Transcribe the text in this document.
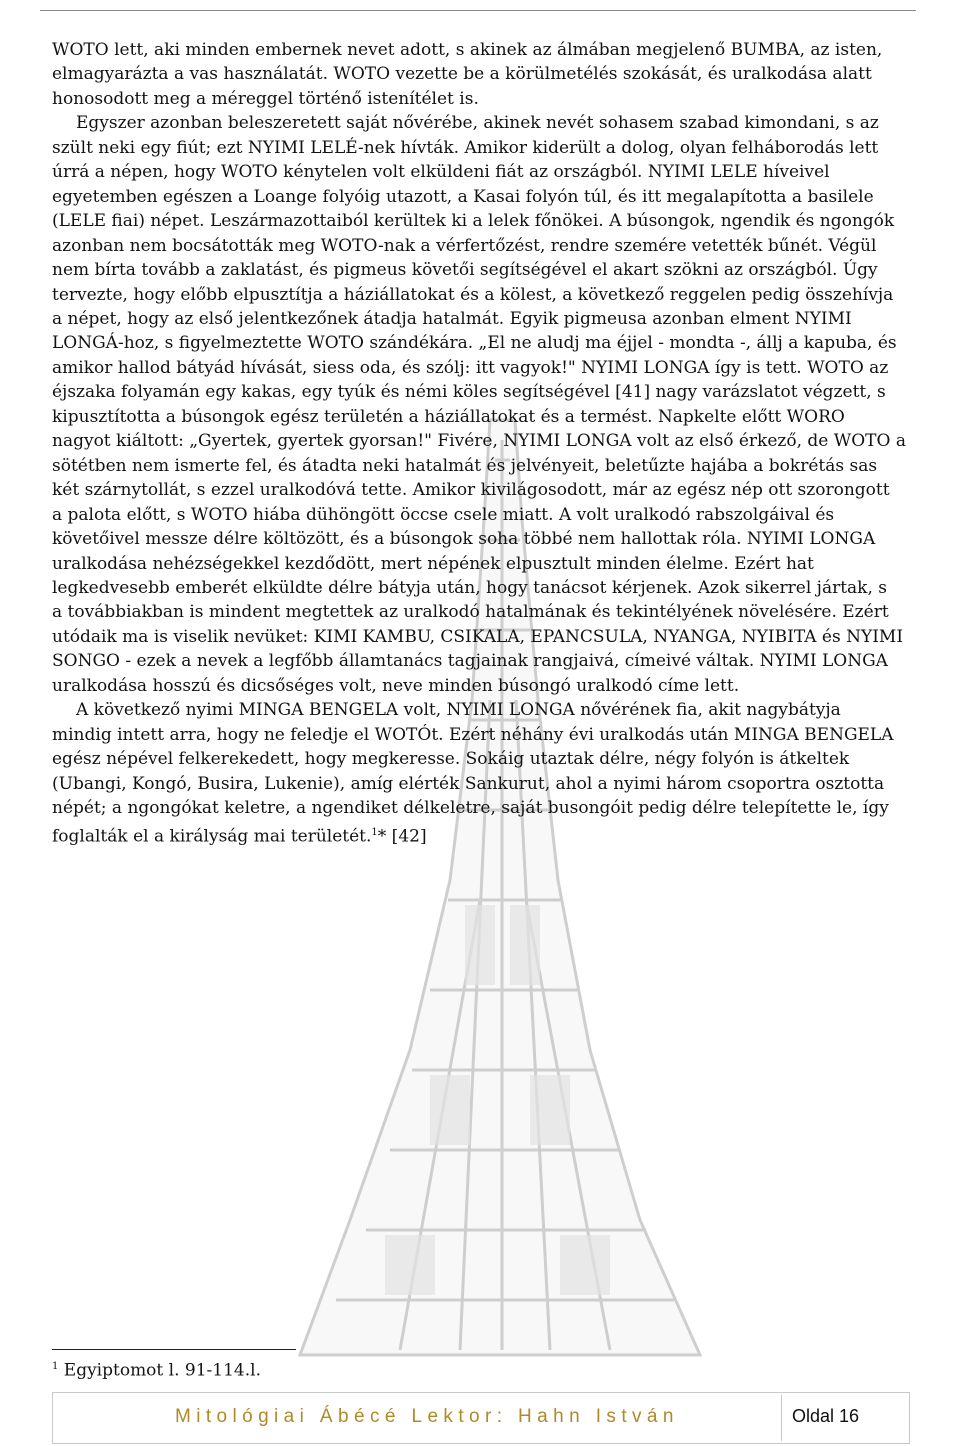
WOTO lett, aki minden embernek nevet adott, s akinek az álmában megjelenő BUMBA, az isten,

elmagyarázta a vas használatát. WOTO vezette be a körülmetélés szokását, és uralkodása alatt

honosodott meg a méreggel történő istenítélet is.

Egyszer azonban beleszeretett saját nővérébe, akinek nevét sohasem szabad kimondani, s az

szült neki egy fiút; ezt NYIMI LELÉ-nek hívták. Amikor kiderült a dolog, olyan felháborodás lett

úrrá a népen, hogy WOTO kénytelen volt elküldeni fiát az országból. NYIMI LELE híveivel

egyetemben egészen a Loange folyóig utazott, a Kasai folyón túl, és itt megalapította a basilele

(LELE fiai) népet. Leszármazottaiból kerültek ki a lelek főnökei. A búsongok, ngendik és ngongók

azonban nem bocsátották meg WOTO-nak a vérfertőzést, rendre szemére vetették bűnét. Végül

nem bírta tovább a zaklatást, és pigmeus követői segítségével el akart szökni az országból. Úgy

tervezte, hogy előbb elpusztítja a háziállatokat és a kölest, a következő reggelen pedig összehívja

a népet, hogy az első jelentkezőnek átadja hatalmát. Egyik pigmeusa azonban elment NYIMI

LONGÁ-hoz, s figyelmeztette WOTO szándékára. „El ne aludj ma éjjel - mondta -, állj a kapuba, és

amikor hallod bátyád hívását, siess oda, és szólj: itt vagyok!" NYIMI LONGA így is tett. WOTO az

éjszaka folyamán egy kakas, egy tyúk és némi köles segítségével [41] nagy varázslatot végzett, s

kipusztította a búsongok egész területén a háziállatokat és a termést. Napkelte előtt WORO

nagyot kiáltott: „Gyertek, gyertek gyorsan!" Fivére, NYIMI LONGA volt az első érkező, de WOTO a

sötétben nem ismerte fel, és átadta neki hatalmát és jelvényeit, beletűzte hajába a bokrétás sas

két szárnytollát, s ezzel uralkodóvá tette. Amikor kivilágosodott, már az egész nép ott szorongott

a palota előtt, s WOTO hiába dühöngött öccse csele miatt. A volt uralkodó rabszolgáival és

követőivel messze délre költözött, és a búsongok soha többé nem hallottak róla. NYIMI LONGA

uralkodása nehézségekkel kezdődött, mert népének elpusztult minden élelme. Ezért hat

legkedvesebb emberét elküldte délre bátyja után, hogy tanácsot kérjenek. Azok sikerrel jártak, s

a továbbiakban is mindent megtettek az uralkodó hatalmának és tekintélyének növelésére. Ezért

utódaik ma is viselik nevüket: KIMI KAMBU, CSIKALA, EPANCSULA, NYANGA, NYIBITA és NYIMI

SONGO - ezek a nevek a legfőbb államtanács tagjainak rangjaivá, címeivé váltak. NYIMI LONGA

uralkodása hosszú és dicsőséges volt, neve minden búsongó uralkodó címe lett.

A következő nyimi MINGA BENGELA volt, NYIMI LONGA nővérének fia, akit nagybátyja

mindig intett arra, hogy ne feledje el WOTÓt. Ezért néhány évi uralkodás után MINGA BENGELA

egész népével felkerekedett, hogy megkeresse. Sokáig utaztak délre, négy folyón is átkeltek

(Ubangi, Kongó, Busira, Lukenie), amíg elérték Sankurut, ahol a nyimi három csoportra osztotta

népét; a ngongókat keletre, a ngendiket délkeletre, saját busongóit pedig délre telepítette le, így

foglalták el a királyság mai területét.$^1$* [42]

$^1$ Egyiptomot l. 91-114.l.
Mitológiai Ábécé Lektor: Hahn István	Oldal 16
